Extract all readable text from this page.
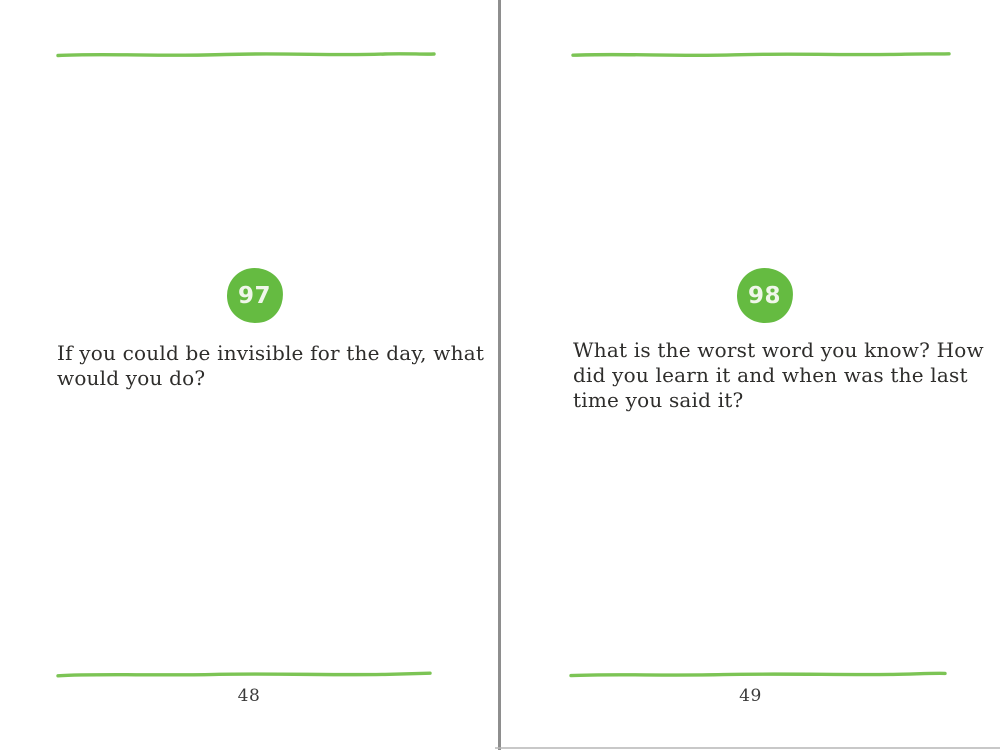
97
If you could be invisible for the day, what
would you do?
48
98
What is the worst word you know? How
did you learn it and when was the last
time you said it?
49
